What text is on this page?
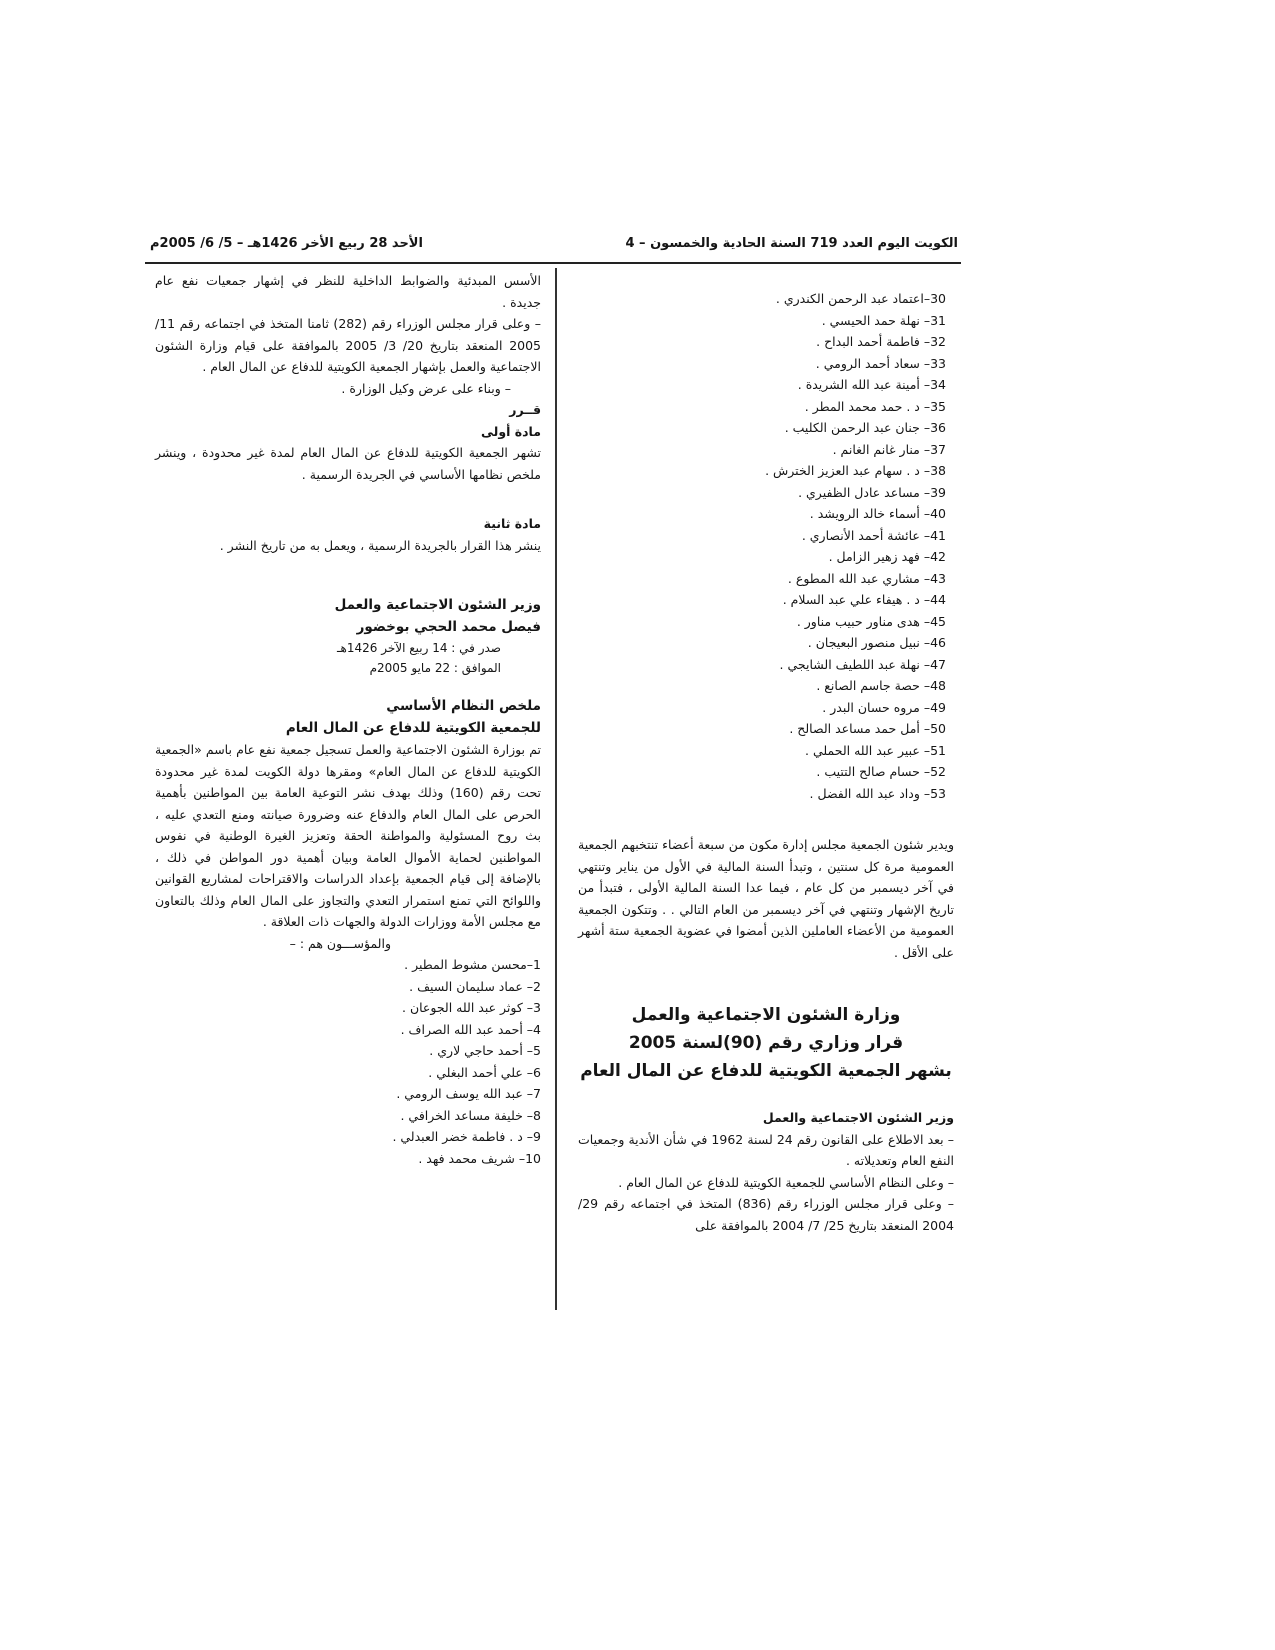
الكويت اليوم العدد 719 السنة الحادية والخمسون – 4
الأحد 28 ربيع الأخر 1426هـ – 5/ 6/ 2005م
30–اعتماد عبد الرحمن الكندري .
31– نهلة حمد الحيسي .
32– فاطمة أحمد البداح .
33– سعاد أحمد الرومي .
34– أمينة عبد الله الشريدة .
35– د . حمد محمد المطر .
36– جنان عبد الرحمن الكليب .
37– منار غانم الغانم .
38– د . سهام عبد العزيز الخترش .
39– مساعد عادل الظفيري .
40– أسماء خالد الرويشد .
41– عائشة أحمد الأنصاري .
42– فهد زهير الزامل .
43– مشاري عبد الله المطوع .
44– د . هيفاء علي عبد السلام .
45– هدى مناور حبيب مناور .
46– نبيل منصور البعيجان .
47– نهلة عبد اللطيف الشايجي .
48– حصة جاسم الصانع .
49– مروه حسان البدر .
50– أمل حمد مساعد الصالح .
51– عبير عبد الله الحملي .
52– حسام صالح التتيب .
53– وداد عبد الله الفضل .

ويدير شئون الجمعية مجلس إدارة مكون من سبعة أعضاء تنتخبهم الجمعية العمومية مرة كل سنتين ، وتبدأ السنة المالية في الأول من يناير وتنتهي في آخر ديسمبر من كل عام ، فيما عدا السنة المالية الأولى ، فتبدأ من تاريخ الإشهار وتنتهي في آخر ديسمبر من العام التالي . . وتتكون الجمعية العمومية من الأعضاء العاملين الذين أمضوا في عضوية الجمعية ستة أشهر على الأقل .

وزارة الشئون الاجتماعية والعمل

قرار وزاري رقم (90)لسنة 2005

بشهر الجمعية الكويتية للدفاع عن المال العام

وزير الشئون الاجتماعية والعمل

– بعد الاطلاع على القانون رقم 24 لسنة 1962 في شأن الأندية وجمعيات النفع العام وتعديلاته .

– وعلى النظام الأساسي للجمعية الكويتية للدفاع عن المال العام .

– وعلى قرار مجلس الوزراء رقم (836) المتخذ في اجتماعه رقم 29/ 2004 المنعقد بتاريخ 25/ 7/ 2004 بالموافقة على

الأسس المبدئية والضوابط الداخلية للنظر في إشهار جمعيات نفع عام جديدة .

– وعلى قرار مجلس الوزراء رقم (282) ثامنا المتخذ في اجتماعه رقم 11/ 2005 المنعقد بتاريخ 20/ 3/ 2005 بالموافقة على قيام وزارة الشئون الاجتماعية والعمل بإشهار الجمعية الكويتية للدفاع عن المال العام .

– وبناء على عرض وكيل الوزارة .

قــرر

مادة أولى

تشهر الجمعية الكويتية للدفاع عن المال العام لمدة غير محدودة ، وينشر ملخص نظامها الأساسي في الجريدة الرسمية .

مادة ثانية

ينشر هذا القرار بالجريدة الرسمية ، ويعمل به من تاريخ النشر .

وزير الشئون الاجتماعية والعمل

فيصل محمد الحجي بوخضور

صدر في : 14 ربيع الآخر 1426هـ
الموافق : 22 مايو 2005م

ملخص النظام الأساسي

للجمعية الكويتية للدفاع عن المال العام

تم بوزارة الشئون الاجتماعية والعمل تسجيل جمعية نفع عام باسم «الجمعية الكويتية للدفاع عن المال العام» ومقرها دولة الكويت لمدة غير محدودة تحت رقم (160) وذلك بهدف نشر التوعية العامة بين المواطنين بأهمية الحرص على المال العام والدفاع عنه وضرورة صيانته ومنع التعدي عليه ، بث روح المسئولية والمواطنة الحقة وتعزيز الغيرة الوطنية في نفوس المواطنين لحماية الأموال العامة وبيان أهمية دور المواطن في ذلك ، بالإضافة إلى قيام الجمعية بإعداد الدراسات والاقتراحات لمشاريع القوانين واللوائح التي تمنع استمرار التعدي والتجاوز على المال العام وذلك بالتعاون مع مجلس الأمة ووزارات الدولة والجهات ذات العلاقة .

والمؤســـون هم : –

1–محسن مشوط المطير .
2– عماد سليمان السيف .
3– كوثر عبد الله الجوعان .
4– أحمد عبد الله الصراف .
5– أحمد حاجي لاري .
6– علي أحمد البغلي .
7– عبد الله يوسف الرومي .
8– خليفة مساعد الخرافي .
9– د . فاطمة خضر العبدلي .
10– شريف محمد فهد .
